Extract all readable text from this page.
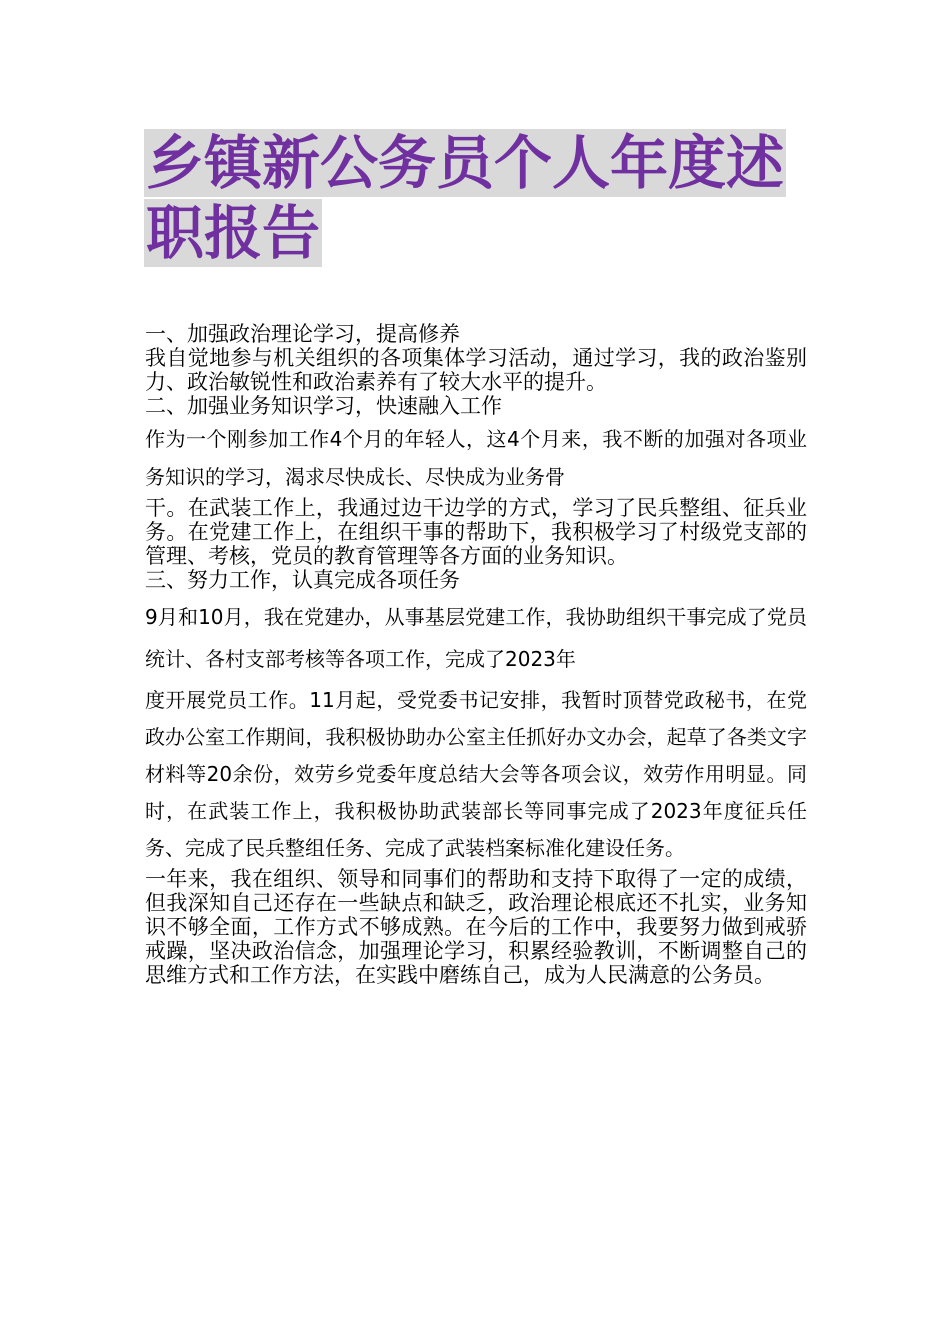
乡镇新公务员个人年度述职报告

一、加强政治理论学习，提高修养

我自觉地参与机关组织的各项集体学习活动，通过学习，我的政治鉴别力、政治敏锐性和政治素养有了较大水平的提升。

二、加强业务知识学习，快速融入工作

作为一个刚参加工作4个月的年轻人，这4个月来，我不断的加强对各项业务知识的学习，渴求尽快成长、尽快成为业务骨

干。在武装工作上，我通过边干边学的方式，学习了民兵整组、征兵业务。在党建工作上，在组织干事的帮助下，我积极学习了村级党支部的管理、考核，党员的教育管理等各方面的业务知识。

三、努力工作，认真完成各项任务

9月和10月，我在党建办，从事基层党建工作，我协助组织干事完成了党员统计、各村支部考核等各项工作，完成了2023年

度开展党员工作。11月起，受党委书记安排，我暂时顶替党政秘书，在党政办公室工作期间，我积极协助办公室主任抓好办文办会，起草了各类文字材料等20余份，效劳乡党委年度总结大会等各项会议，效劳作用明显。同时，在武装工作上，我积极协助武装部长等同事完成了2023年度征兵任务、完成了民兵整组任务、完成了武装档案标准化建设任务。

一年来，我在组织、领导和同事们的帮助和支持下取得了一定的成绩，但我深知自己还存在一些缺点和缺乏，政治理论根底还不扎实，业务知识不够全面，工作方式不够成熟。在今后的工作中，我要努力做到戒骄戒躁，坚决政治信念，加强理论学习，积累经验教训，不断调整自己的思维方式和工作方法，在实践中磨练自己，成为人民满意的公务员。
